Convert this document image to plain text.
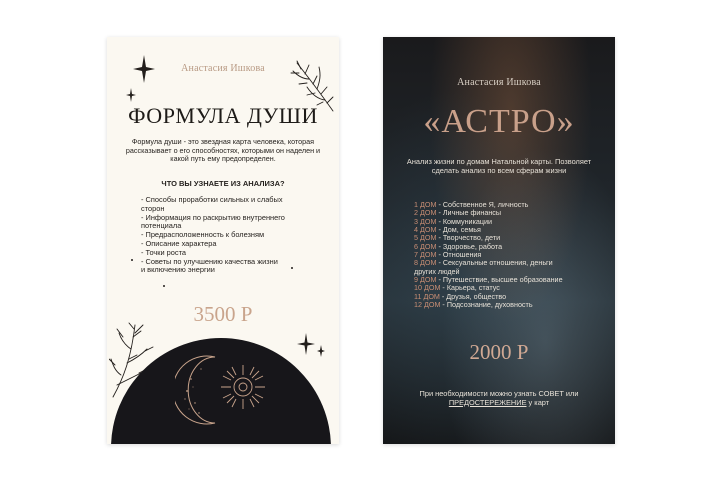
Анастасия Ишкова
ФОРМУЛА ДУШИ
Формула души - это звездная карта человека, которая рассказывает о его способностях, которыми он наделен и какой путь ему предопределен.
ЧТО ВЫ УЗНАЕТЕ ИЗ АНАЛИЗА?
- Способы проработки сильных и слабых
сторон
- Информация по раскрытию внутреннего
потенциала
- Предрасположенность к болезням
- Описание характера
- Точки роста
- Советы по улучшению качества жизни
и включению энергии
3500 Р
Анастасия Ишкова
«АСТРО»
Анализ жизни по домам Натальной карты. Позволяет сделать анализ по всем сферам жизни
1 ДОМ - Собственное Я, личность
2 ДОМ - Личные финансы
3 ДОМ - Коммуникации
4 ДОМ - Дом, семья
5 ДОМ - Творчество, дети
6 ДОМ - Здоровье, работа
7 ДОМ - Отношения
8 ДОМ - Сексуальные отношения, деньги
других людей
9 ДОМ - Путешествие, высшее образование
10 ДОМ - Карьера, статус
11 ДОМ - Друзья, общество
12 ДОМ - Подсознание, духовность
2000 Р
При необходимости можно узнать СОВЕТ или
ПРЕДОСТЕРЕЖЕНИЕ у карт
